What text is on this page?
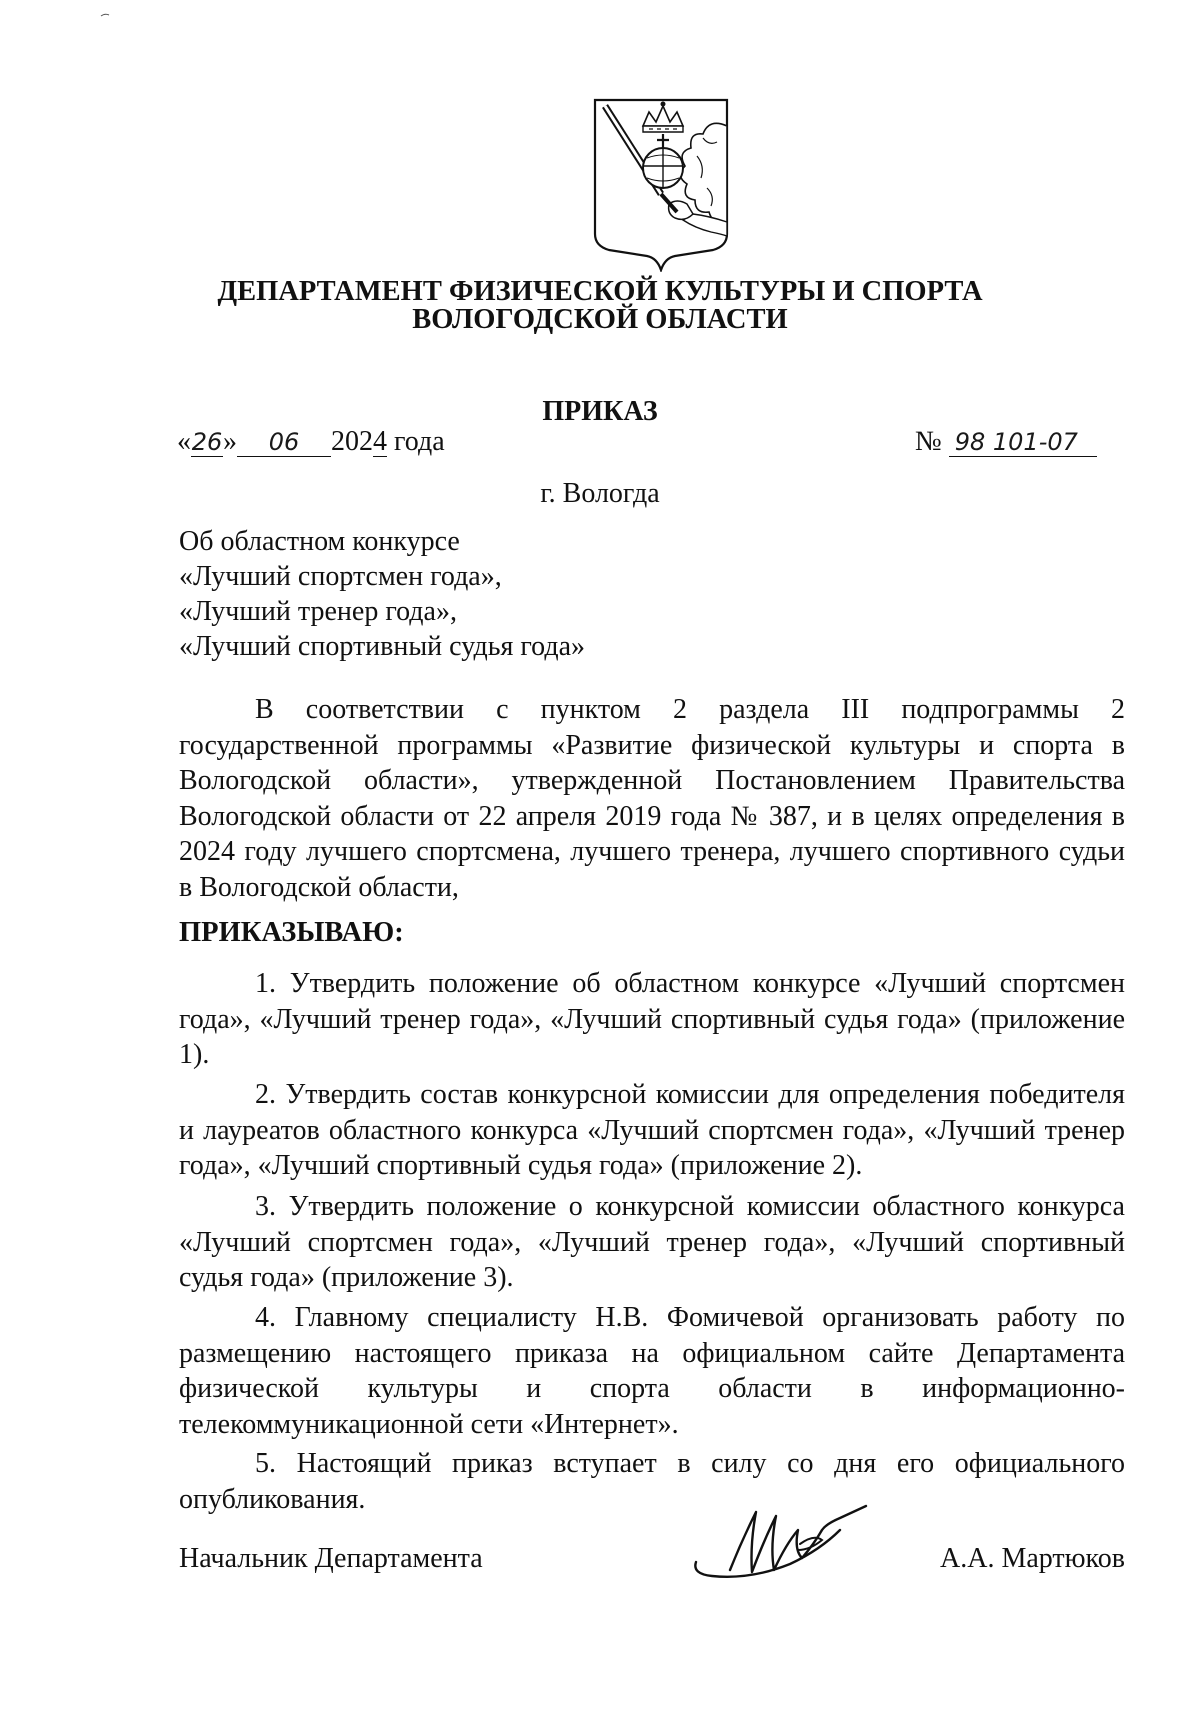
ДЕПАРТАМЕНТ ФИЗИЧЕСКОЙ КУЛЬТУРЫ И СПОРТА
ВОЛОГОДСКОЙ ОБЛАСТИ
ПРИКАЗ
«26» 06 2024 года	№ 98 101-07
г. Вологда
Об областном конкурсе
«Лучший спортсмен года»,
«Лучший тренер года»,
«Лучший спортивный судья года»

В соответствии с пунктом 2 раздела III подпрограммы 2 государственной программы «Развитие физической культуры и спорта в Вологодской области», утвержденной Постановлением Правительства Вологодской области от 22 апреля 2019 года № 387, и в целях определения в 2024 году лучшего спортсмена, лучшего тренера, лучшего спортивного судьи в Вологодской области,

ПРИКАЗЫВАЮ:

1. Утвердить положение об областном конкурсе «Лучший спортсмен года», «Лучший тренер года», «Лучший спортивный судья года» (приложение 1).

2. Утвердить состав конкурсной комиссии для определения победителя и лауреатов областного конкурса «Лучший спортсмен года», «Лучший тренер года», «Лучший спортивный судья года» (приложение 2).

3. Утвердить положение о конкурсной комиссии областного конкурса «Лучший спортсмен года», «Лучший тренер года», «Лучший спортивный судья года» (приложение 3).

4. Главному специалисту Н.В. Фомичевой организовать работу по размещению настоящего приказа на официальном сайте Департамента физической культуры и спорта области в информационно-телекоммуникационной сети «Интернет».

5. Настоящий приказ вступает в силу со дня его официального опубликования.

Начальник Департамента	А.А. Мартюков
